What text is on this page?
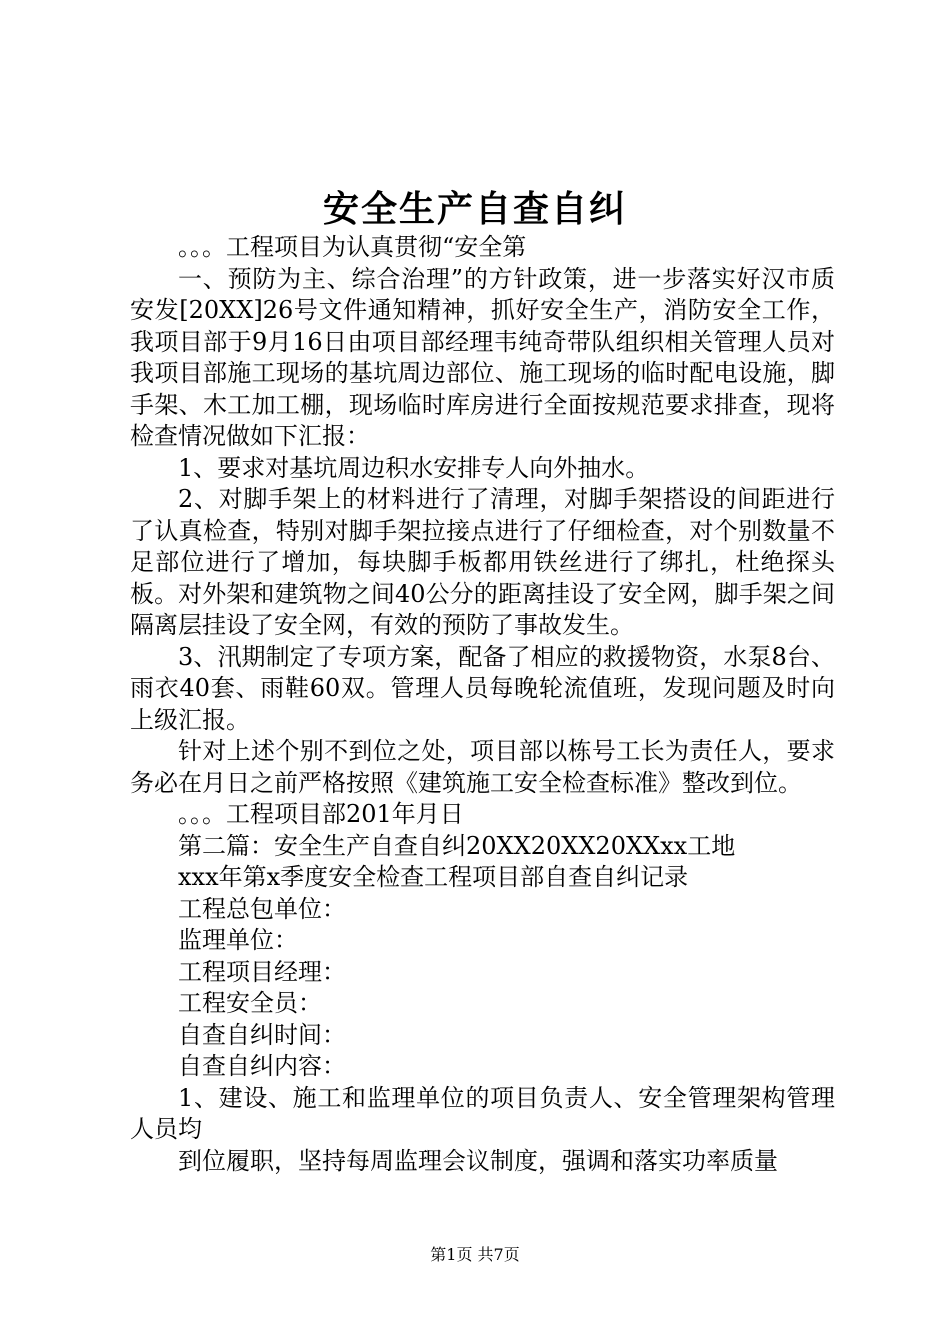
安全生产自查自纠

。。。工程项目为认真贯彻“安全第

一、预防为主、综合治理”的方针政策，进一步落实好汉市质安发[20XX]26号文件通知精神，抓好安全生产，消防安全工作，我项目部于9月16日由项目部经理韦纯奇带队组织相关管理人员对我项目部施工现场的基坑周边部位、施工现场的临时配电设施，脚手架、木工加工棚，现场临时库房进行全面按规范要求排查，现将检查情况做如下汇报：

1、要求对基坑周边积水安排专人向外抽水。

2、对脚手架上的材料进行了清理，对脚手架搭设的间距进行了认真检查，特别对脚手架拉接点进行了仔细检查，对个别数量不足部位进行了增加，每块脚手板都用铁丝进行了绑扎，杜绝探头板。对外架和建筑物之间40公分的距离挂设了安全网，脚手架之间隔离层挂设了安全网，有效的预防了事故发生。

3、汛期制定了专项方案，配备了相应的救援物资，水泵8台、雨衣40套、雨鞋60双。管理人员每晚轮流值班，发现问题及时向上级汇报。

针对上述个别不到位之处，项目部以栋号工长为责任人，要求务必在月日之前严格按照《建筑施工安全检查标准》整改到位。

。。。工程项目部201年月日

第二篇：安全生产自查自纠20XX20XX20XXxx工地

xxx年第x季度安全检查工程项目部自查自纠记录

工程总包单位：

监理单位：

工程项目经理：

工程安全员：

自查自纠时间：

自查自纠内容：

1、建设、施工和监理单位的项目负责人、安全管理架构管理人员均

到位履职，坚持每周监理会议制度，强调和落实功率质量

第1页 共7页
